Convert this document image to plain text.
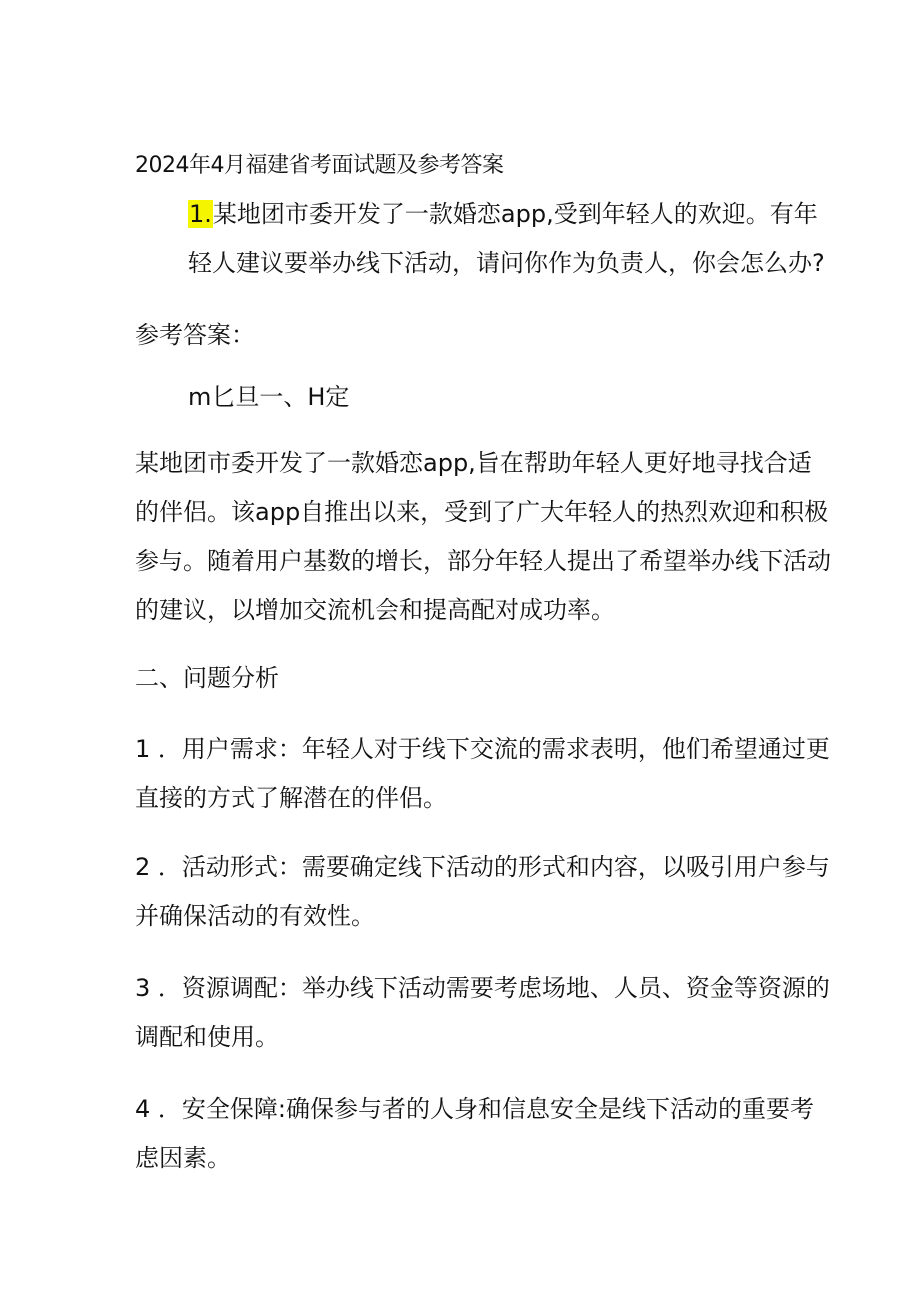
2024年4月福建省考面试题及参考答案
1.某地团市委开发了一款婚恋app,受到年轻人的欢迎。有年
轻人建议要举办线下活动，请问你作为负责人，你会怎么办?
参考答案：
m匕旦一、H定
某地团市委开发了一款婚恋app,旨在帮助年轻人更好地寻找合适
的伴侣。该app自推出以来，受到了广大年轻人的热烈欢迎和积极
参与。随着用户基数的增长，部分年轻人提出了希望举办线下活动
的建议，以增加交流机会和提高配对成功率。
二、问题分析
1 ．用户需求：年轻人对于线下交流的需求表明，他们希望通过更
直接的方式了解潜在的伴侣。
2 ．活动形式：需要确定线下活动的形式和内容，以吸引用户参与
并确保活动的有效性。
3 ．资源调配：举办线下活动需要考虑场地、人员、资金等资源的
调配和使用。
4 ．安全保障:确保参与者的人身和信息安全是线下活动的重要考
虑因素。
